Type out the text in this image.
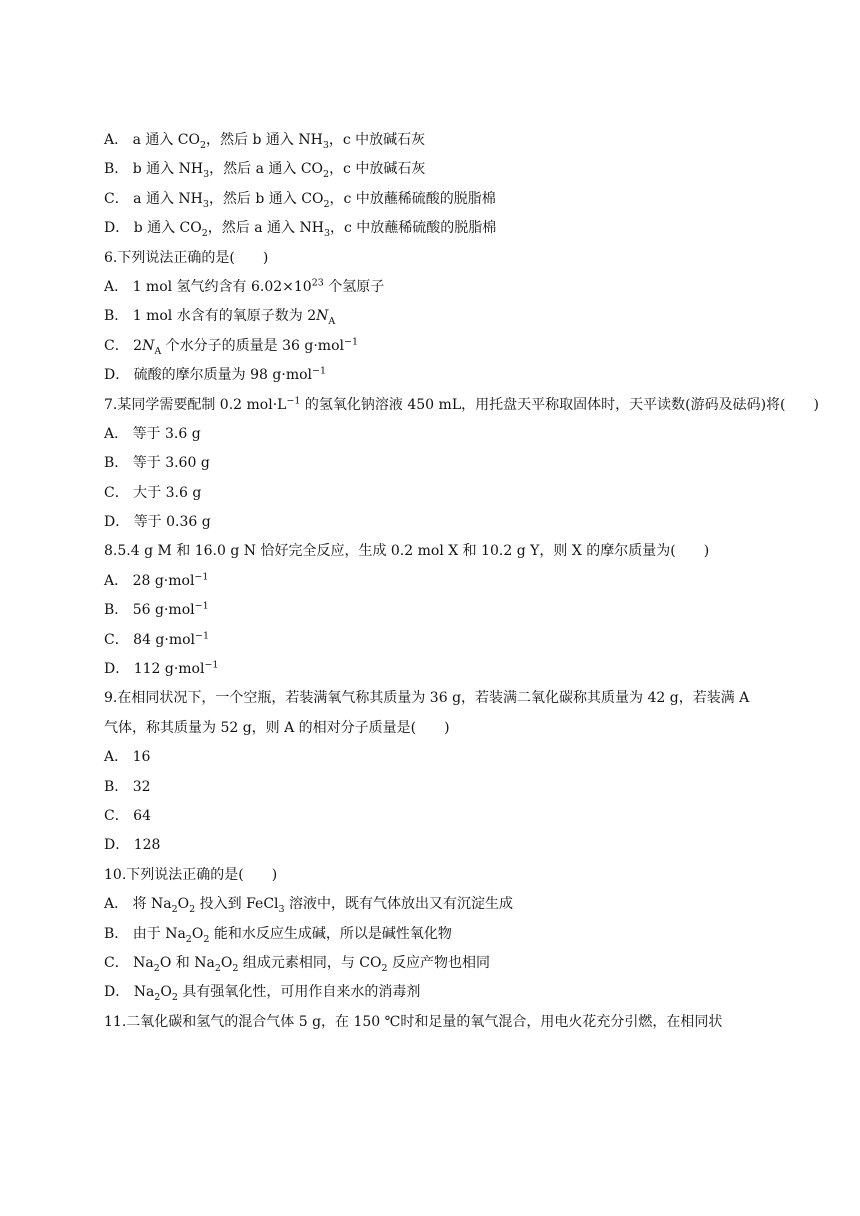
A． a 通入 $CO_2$，然后 b 通入 $NH_3$，c 中放碱石灰
B． b 通入 $NH_3$，然后 a 通入 $CO_2$，c 中放碱石灰
C． a 通入 $NH_3$，然后 b 通入 $CO_2$，c 中放蘸稀硫酸的脱脂棉
D． b 通入 $CO_2$，然后 a 通入 $NH_3$，c 中放蘸稀硫酸的脱脂棉
6.下列说法正确的是(　　)
A． 1 mol 氢气约含有 $6.02\times 10^{23}$ 个氢原子
B． 1 mol 水含有的氧原子数为 $2N_A$
C． $2N_A$ 个水分子的质量是 36 g·mol$^{-1}$
D． 硫酸的摩尔质量为 98 g·mol$^{-1}$
7.某同学需要配制 0.2 $mol\cdot L^{-1}$ 的氢氧化钠溶液 450 mL，用托盘天平称取固体时，天平读数(游码及砝码)将(　　)
A． 等于 3.6 g
B． 等于 3.60 g
C． 大于 3.6 g
D． 等于 0.36 g
8.5.4 g M 和 16.0 g N 恰好完全反应，生成 0.2 mol X 和 10.2 g Y，则 X 的摩尔质量为(　　)
A． 28 g·mol$^{-1}$
B． 56 g·mol$^{-1}$
C． 84 g·mol$^{-1}$
D． 112 g·mol$^{-1}$
9.在相同状况下，一个空瓶，若装满氧气称其质量为 36 g，若装满二氧化碳称其质量为 42 g，若装满 A 气体，称其质量为 52 g，则 A 的相对分子质量是(　　)
A． 16
B． 32
C． 64
D． 128
10.下列说法正确的是(　　)
A． 将 $Na_2O_2$ 投入到 FeCl$_3$ 溶液中，既有气体放出又有沉淀生成
B． 由于 $Na_2O_2$ 能和水反应生成碱，所以是碱性氧化物
C． $Na_2O$ 和 $Na_2O_2$ 组成元素相同，与 $CO_2$ 反应产物也相同
D． $Na_2O_2$ 具有强氧化性，可用作自来水的消毒剂
11.二氧化碳和氢气的混合气体 5 g，在 150 ℃时和足量的氧气混合，用电火花充分引燃，在相同状
